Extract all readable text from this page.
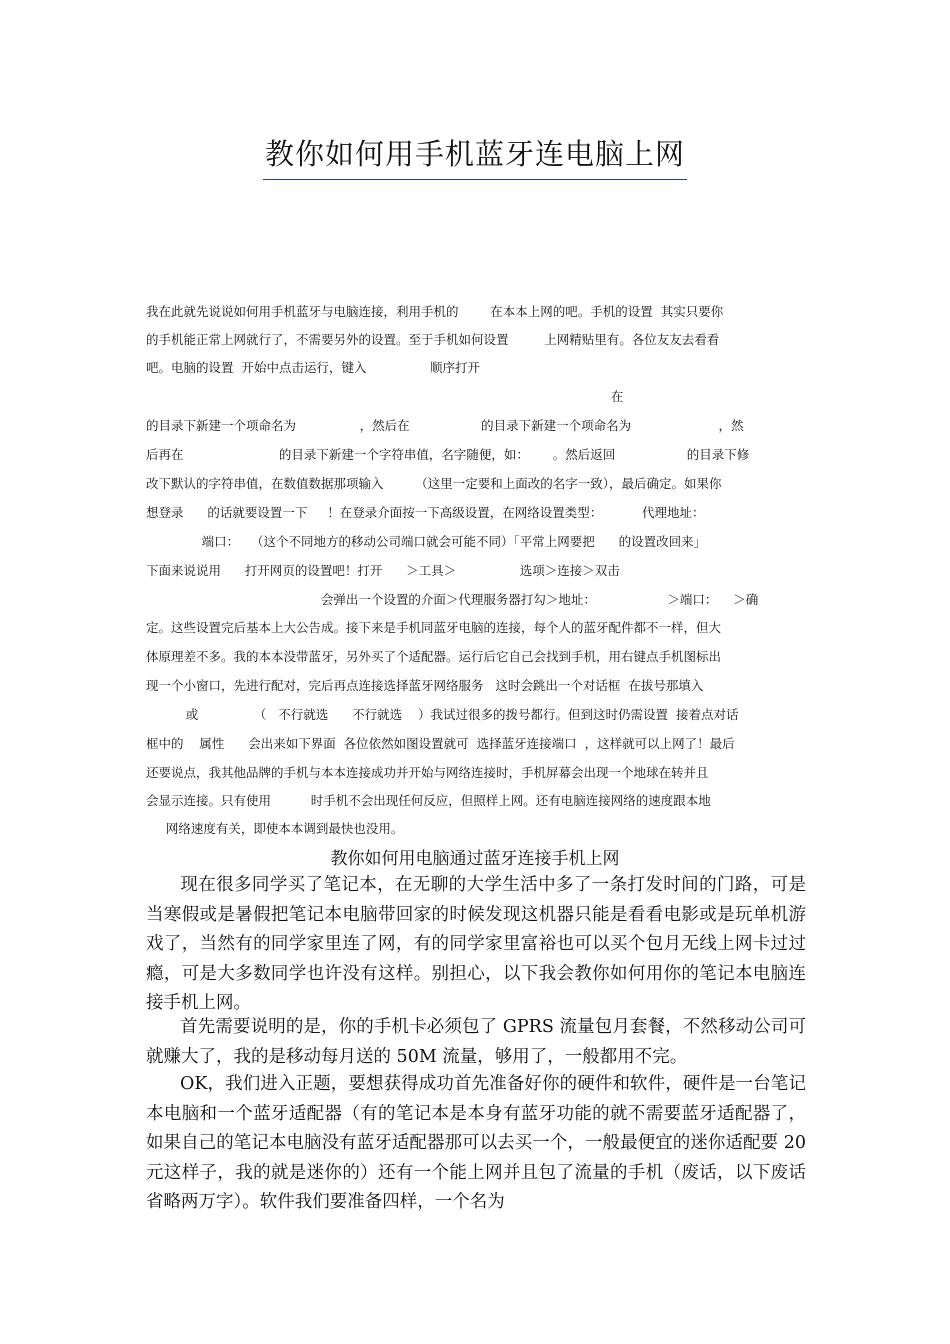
教你如何用手机蓝牙连电脑上网
我在此就先说说如何用手机蓝牙与电脑连接，利用手机的        在本本上网的吧。手机的设置  其实只要你
的手机能正常上网就行了，不需要另外的设置。至于手机如何设置         上网精贴里有。各位友友去看看
吧。电脑的设置  开始中点击运行，键入                顺序打开
在
的目录下新建一个项命名为                ，然后在                  的目录下新建一个项命名为                      ，然
后再在                        的目录下新建一个字符串值，名字随便，如：      。然后返回                  的目录下修
改下默认的字符串值，在数值数据那项输入        （这里一定要和上面改的名字一致），最后确定。如果你
想登录      的话就要设置一下     ！在登录介面按一下高级设置，在网络设置类型：          代理地址：
端口：   （这个不同地方的移动公司端口就会可能不同）「平常上网要把      的设置改回来」
下面来说说用      打开网页的设置吧！打开      ＞工具＞                选项＞连接＞双击
会弹出一个设置的介面＞代理服务器打勾＞地址：                  ＞端口：    ＞确
定。这些设置完后基本上大公告成。接下来是手机同蓝牙电脑的连接，每个人的蓝牙配件都不一样，但大
体原理差不多。我的本本没带蓝牙，另外买了个适配器。运行后它自己会找到手机，用右键点手机图标出
现一个小窗口，先进行配对，完后再点连接选择蓝牙网络服务   这时会跳出一个对话框  在拔号那填入
或              （   不行就选      不行就选    ）我试过很多的拨号都行。但到这时仍需设置  接着点对话
框中的    属性      会出来如下界面  各位依然如图设置就可  选择蓝牙连接端口  ，这样就可以上网了！最后
还要说点，我其他品牌的手机与本本连接成功并开始与网络连接时，手机屏幕会出现一个地球在转并且
会显示连接。只有使用          时手机不会出现任何反应，但照样上网。还有电脑连接网络的速度跟本地
网络速度有关，即使本本调到最快也没用。
教你如何用电脑通过蓝牙连接手机上网
现在很多同学买了笔记本，在无聊的大学生活中多了一条打发时间的门路，可是当寒假或是暑假把笔记本电脑带回家的时候发现这机器只能是看看电影或是玩单机游戏了，当然有的同学家里连了网，有的同学家里富裕也可以买个包月无线上网卡过过瘾，可是大多数同学也许没有这样。别担心，以下我会教你如何用你的笔记本电脑连接手机上网。
首先需要说明的是，你的手机卡必须包了 GPRS 流量包月套餐，不然移动公司可就赚大了，我的是移动每月送的 50M 流量，够用了，一般都用不完。
OK，我们进入正题，要想获得成功首先准备好你的硬件和软件，硬件是一台笔记本电脑和一个蓝牙适配器（有的笔记本是本身有蓝牙功能的就不需要蓝牙适配器了，如果自己的笔记本电脑没有蓝牙适配器那可以去买一个，一般最便宜的迷你适配要 20 元这样子，我的就是迷你的）还有一个能上网并且包了流量的手机（废话，以下废话省略两万字）。软件我们要准备四样，一个名为
